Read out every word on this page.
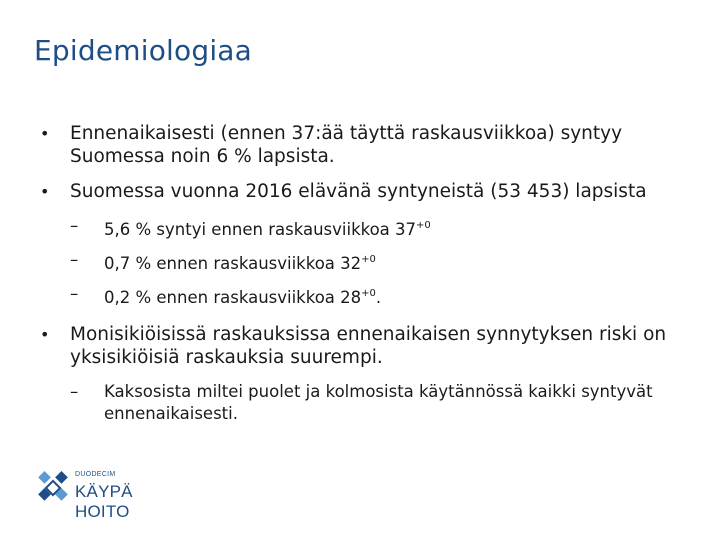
Epidemiologiaa
• Ennenaikaisesti (ennen 37:ää täyttä raskausviikkoa) syntyy Suomessa noin 6 % lapsista.
• Suomessa vuonna 2016 elävänä syntyneistä (53 453) lapsista
– 5,6 % syntyi ennen raskausviikkoa $37^{+0}$
– 0,7 % ennen raskausviikkoa $32^{+0}$
– 0,2 % ennen raskausviikkoa $28^{+0}$.
• Monisikiöisissä raskauksissa ennenaikaisen synnytyksen riski on yksisikiöisiä raskauksia suurempi.
– Kaksosista miltei puolet ja kolmosista käytännössä kaikki syntyvät ennenaikaisesti.
DUODECIM
KÄYPÄ HOITO
